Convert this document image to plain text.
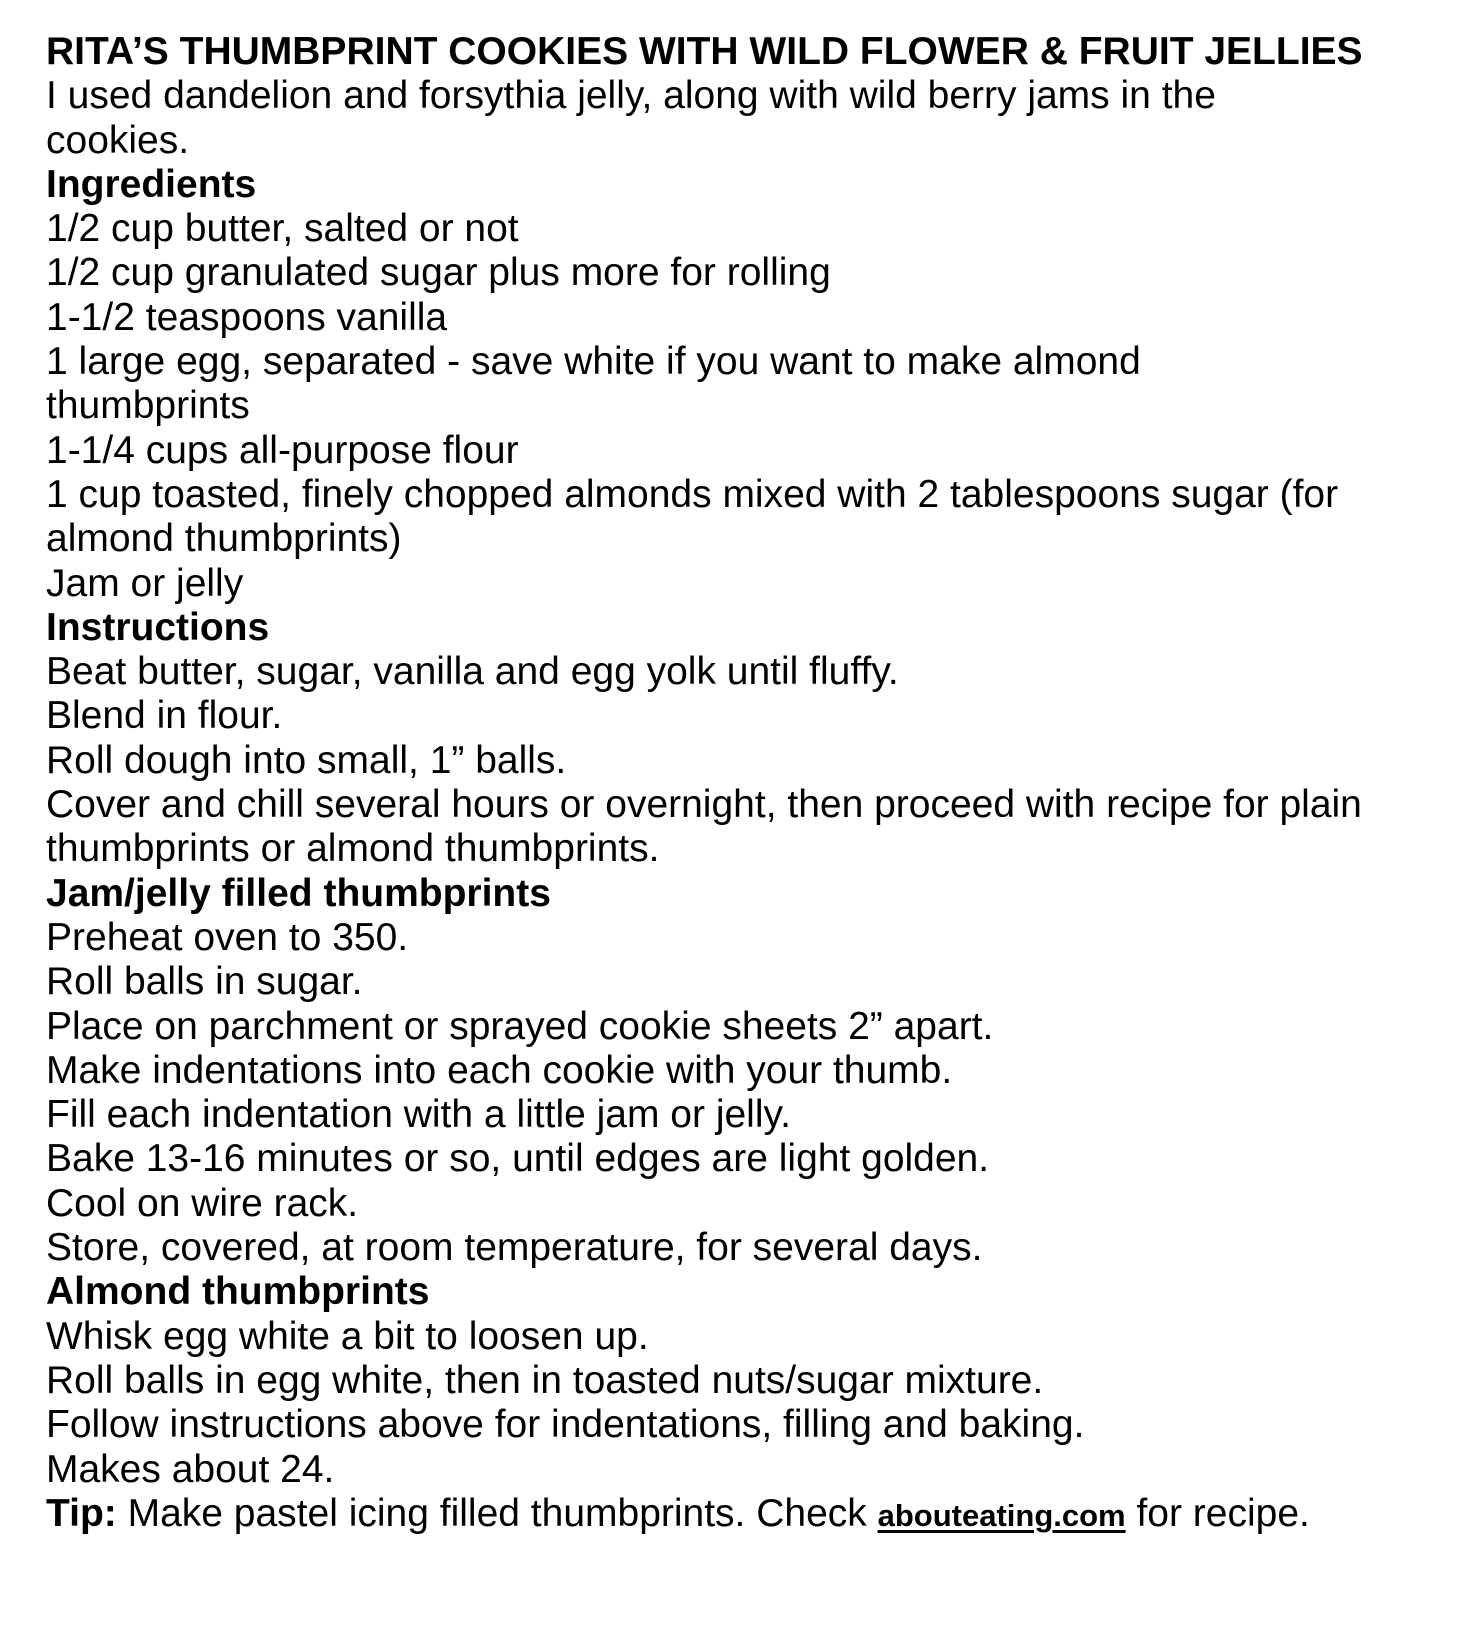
RITA’S THUMBPRINT COOKIES WITH WILD FLOWER & FRUIT JELLIES
I used dandelion and forsythia jelly, along with wild berry jams in the cookies.
Ingredients
1/2 cup butter, salted or not
1/2 cup granulated sugar plus more for rolling
1-1/2 teaspoons vanilla
1 large egg, separated - save white if you want to make almond thumbprints
1-1/4 cups all-purpose flour
1 cup toasted, finely chopped almonds mixed with 2 tablespoons sugar (for almond thumbprints)
Jam or jelly
Instructions
Beat butter, sugar, vanilla and egg yolk until fluffy.
Blend in flour.
Roll dough into small, 1” balls.
Cover and chill several hours or overnight, then proceed with recipe for plain thumbprints or almond thumbprints.
Jam/jelly filled thumbprints
Preheat oven to 350.
Roll balls in sugar.
Place on parchment or sprayed cookie sheets 2” apart.
Make indentations into each cookie with your thumb.
Fill each indentation with a little jam or jelly.
Bake 13-16 minutes or so, until edges are light golden.
Cool on wire rack.
Store, covered, at room temperature, for several days.
Almond thumbprints
Whisk egg white a bit to loosen up.
Roll balls in egg white, then in toasted nuts/sugar mixture.
Follow instructions above for indentations, filling and baking.
Makes about 24.
Tip: Make pastel icing filled thumbprints. Check abouteating.com for recipe.
